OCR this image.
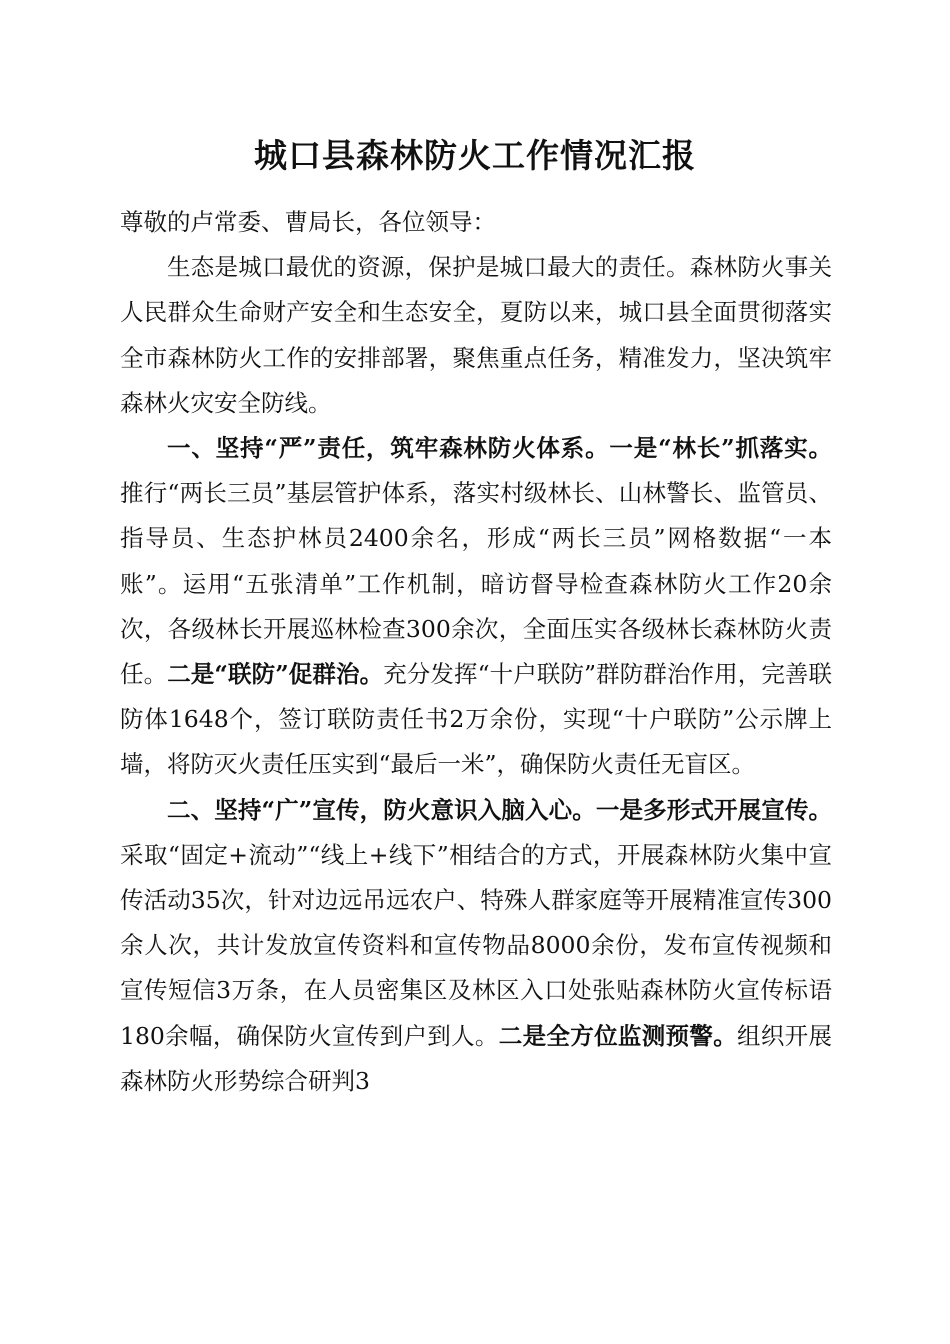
城口县森林防火工作情况汇报

尊敬的卢常委、曹局长，各位领导：

生态是城口最优的资源，保护是城口最大的责任。森林防火事关人民群众生命财产安全和生态安全，夏防以来，城口县全面贯彻落实全市森林防火工作的安排部署，聚焦重点任务，精准发力，坚决筑牢森林火灾安全防线。

一、坚持“严”责任，筑牢森林防火体系。一是“林长”抓落实。推行“两长三员”基层管护体系，落实村级林长、山林警长、监管员、指导员、生态护林员2400余名，形成“两长三员”网格数据“一本账”。运用“五张清单”工作机制，暗访督导检查森林防火工作20余次，各级林长开展巡林检查300余次，全面压实各级林长森林防火责任。二是“联防”促群治。充分发挥“十户联防”群防群治作用，完善联防体1648个，签订联防责任书2万余份，实现“十户联防”公示牌上墙，将防灭火责任压实到“最后一米”，确保防火责任无盲区。

二、坚持“广”宣传，防火意识入脑入心。一是多形式开展宣传。采取“固定+流动”“线上+线下”相结合的方式，开展森林防火集中宣传活动35次，针对边远吊远农户、特殊人群家庭等开展精准宣传300余人次，共计发放宣传资料和宣传物品8000余份，发布宣传视频和宣传短信3万条，在人员密集区及林区入口处张贴森林防火宣传标语180余幅，确保防火宣传到户到人。二是全方位监测预警。组织开展森林防火形势综合研判3
